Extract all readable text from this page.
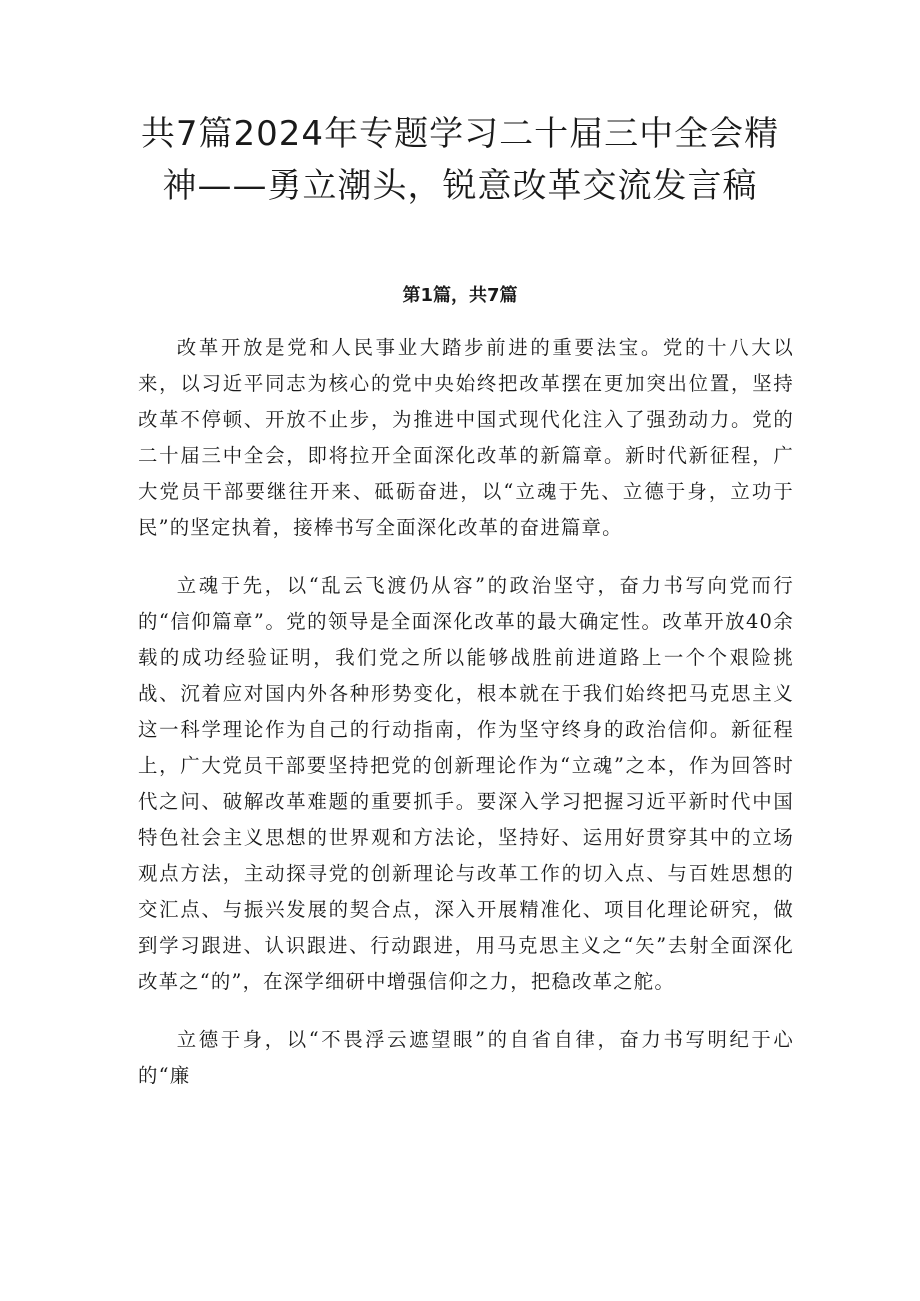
共7篇2024年专题学习二十届三中全会精
神——勇立潮头，锐意改革交流发言稿
第1篇，共7篇

改革开放是党和人民事业大踏步前进的重要法宝。党的十八大以来，以习近平同志为核心的党中央始终把改革摆在更加突出位置，坚持改革不停顿、开放不止步，为推进中国式现代化注入了强劲动力。党的二十届三中全会，即将拉开全面深化改革的新篇章。新时代新征程，广大党员干部要继往开来、砥砺奋进，以“立魂于先、立德于身，立功于民”的坚定执着，接棒书写全面深化改革的奋进篇章。

立魂于先，以“乱云飞渡仍从容”的政治坚守，奋力书写向党而行的“信仰篇章”。党的领导是全面深化改革的最大确定性。改革开放40余载的成功经验证明，我们党之所以能够战胜前进道路上一个个艰险挑战、沉着应对国内外各种形势变化，根本就在于我们始终把马克思主义这一科学理论作为自己的行动指南，作为坚守终身的政治信仰。新征程上，广大党员干部要坚持把党的创新理论作为“立魂”之本，作为回答时代之问、破解改革难题的重要抓手。要深入学习把握习近平新时代中国特色社会主义思想的世界观和方法论，坚持好、运用好贯穿其中的立场观点方法，主动探寻党的创新理论与改革工作的切入点、与百姓思想的交汇点、与振兴发展的契合点，深入开展精准化、项目化理论研究，做到学习跟进、认识跟进、行动跟进，用马克思主义之“矢”去射全面深化改革之“的”，在深学细研中增强信仰之力，把稳改革之舵。

立德于身，以“不畏浮云遮望眼”的自省自律，奋力书写明纪于心的“廉
